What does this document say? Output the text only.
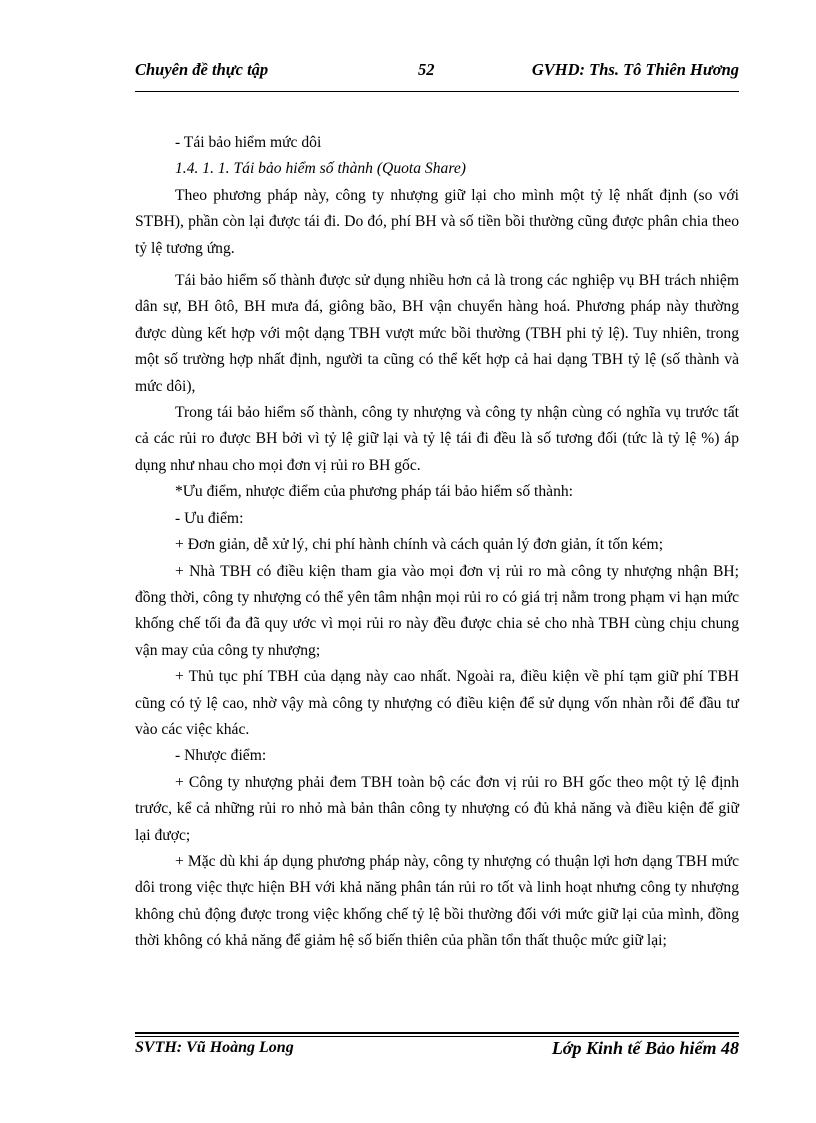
Chuyên đề thực tập	52	GVHD: Ths. Tô Thiên Hương

- Tái bảo hiểm mức dôi

1.4. 1. 1. Tái bảo hiểm số thành (Quota Share)

Theo phương pháp này, công ty nhượng giữ lại cho mình một tỷ lệ nhất định (so với STBH), phần còn lại được tái đi. Do đó, phí BH và số tiền bồi thường cũng được phân chia theo tỷ lệ tương ứng.

Tái bảo hiểm số thành được sử dụng nhiều hơn cả là trong các nghiệp vụ BH trách nhiệm dân sự, BH ôtô, BH mưa đá, giông bão, BH vận chuyển hàng hoá. Phương pháp này thường được dùng kết hợp với một dạng TBH vượt mức bồi thường (TBH phi tỷ lệ). Tuy nhiên, trong một số trường hợp nhất định, người ta cũng có thể kết hợp cả hai dạng TBH tỷ lệ (số thành và mức dôi),

Trong tái bảo hiểm số thành, công ty nhượng và công ty nhận cùng có nghĩa vụ trước tất cả các rủi ro được BH bởi vì tỷ lệ giữ lại và tỷ lệ tái đi đều là số tương đối (tức là tỷ lệ %) áp dụng như nhau cho mọi đơn vị rủi ro BH gốc.

*Ưu điểm, nhược điểm của phương pháp tái bảo hiểm số thành:

- Ưu điểm:

+ Đơn giản, dễ xử lý, chi phí hành chính và cách quản lý đơn giản, ít tốn kém;

+ Nhà TBH có điều kiện tham gia vào mọi đơn vị rủi ro mà công ty nhượng nhận BH; đồng thời, công ty nhượng có thể yên tâm nhận mọi rủi ro có giá trị nằm trong phạm vi hạn mức khống chế tối đa đã quy ước vì mọi rủi ro này đều được chia sẻ cho nhà TBH cùng chịu chung vận may của công ty nhượng;

+ Thủ tục phí TBH của dạng này cao nhất. Ngoài ra, điều kiện về phí tạm giữ phí TBH cũng có tỷ lệ cao, nhờ vậy mà công ty nhượng có điều kiện để sử dụng vốn nhàn rỗi để đầu tư vào các việc khác.

- Nhược điểm:

+ Công ty nhượng phải đem TBH toàn bộ các đơn vị rủi ro BH gốc theo một tỷ lệ định trước, kể cả những rủi ro nhỏ mà bản thân công ty nhượng có đủ khả năng và điều kiện để giữ lại được;

+ Mặc dù khi áp dụng phương pháp này, công ty nhượng có thuận lợi hơn dạng TBH mức dôi trong việc thực hiện BH với khả năng phân tán rủi ro tốt và linh hoạt nhưng công ty nhượng không chủ động được trong việc khống chế tỷ lệ bồi thường đối với mức giữ lại của mình, đồng thời không có khả năng để giảm hệ số biến thiên của phần tổn thất thuộc mức giữ lại;

SVTH: Vũ Hoàng Long	Lớp Kinh tế Bảo hiểm 48
